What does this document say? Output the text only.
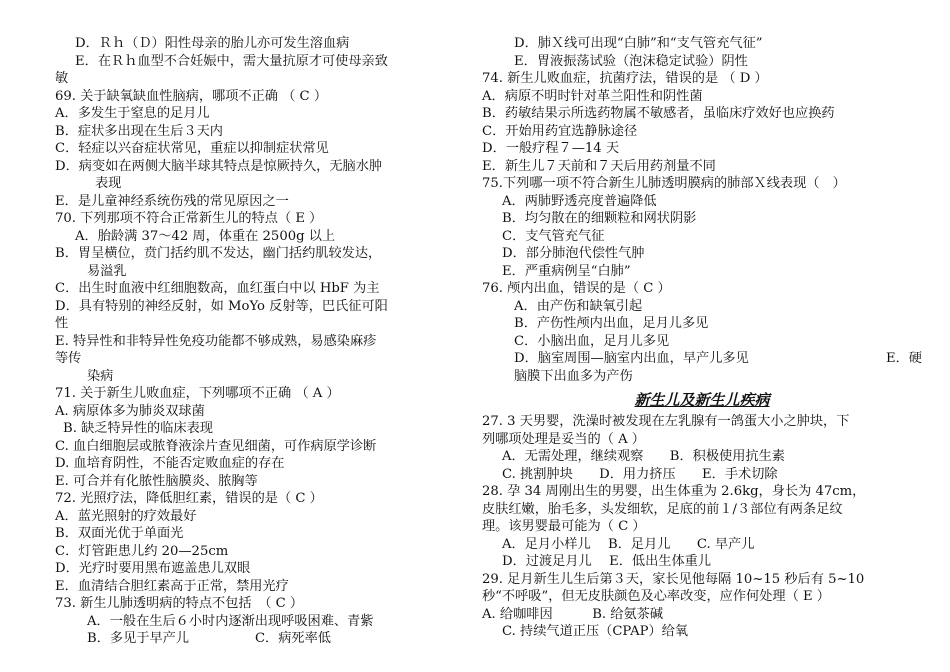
D．Ｒｈ（Ｄ）阳性母亲的胎儿亦可发生溶血病
E．在Ｒｈ血型不合妊娠中，需大量抗原才可使母亲致
敏
69. 关于缺氧缺血性脑病，哪项不正确 （ C ）
A．多发生于窒息的足月儿
B．症状多出现在生后３天内
C．轻症以兴奋症状常见，重症以抑制症状常见
D．病变如在两侧大脑半球其特点是惊厥持久，无脑水肿
表现
E．是儿童神经系统伤残的常见原因之一
70. 下列那项不符合正常新生儿的特点（ E ）
A．胎龄满 37～42 周，体重在 2500g 以上
B．胃呈横位，贲门括约肌不发达，幽门括约肌较发达，
易溢乳
C．出生时血液中红细胞数高，血红蛋白中以 HbF 为主
D．具有特别的神经反射，如 MoYo 反射等，巴氏征可阳
性
E. 特异性和非特异性免疫功能都不够成熟，易感染麻疹
等传
染病
71. 关于新生儿败血症，下列哪项不正确 （ A ）
A. 病原体多为肺炎双球菌
B. 缺乏特异性的临床表现
C. 血白细胞层或脓脊液涂片查见细菌，可作病原学诊断
D. 血培育阴性，不能否定败血症的存在
E. 可合并有化脓性脑膜炎、脓胸等
72. 光照疗法，降低胆红素，错误的是（ C ）
A．蓝光照射的疗效最好
B．双面光优于单面光
C．灯管距患儿约 20—25cm
D．光疗时要用黑布遮盖患儿双眼
E．血清结合胆红素高于正常，禁用光疗
73. 新生儿肺透明病的特点不包括　（ C ）
A．一般在生后６小时内逐渐出现呼吸困难、青紫
B．多见于早产儿　　　　　C．病死率低
D．肺Ｘ线可出现“白肺”和“支气管充气征”
E．胃液振荡试验（泡沫稳定试验）阴性
74. 新生儿败血症，抗菌疗法，错误的是 （ D ）
A．病原不明时针对革兰阳性和阴性菌
B．药敏结果示所选药物属不敏感者，虽临床疗效好也应换药
C．开始用药宜选静脉途径
D．一般疗程７—14 天
E．新生儿７天前和７天后用药剂量不同
75.下列哪一项不符合新生儿肺透明膜病的肺部Ｘ线表现（　）
A．两肺野透亮度普遍降低
B．均匀散在的细颗粒和网状阴影
C．支气管充气征
D．部分肺泡代偿性气肿
E．严重病例呈“白肺”
76. 颅内出血，错误的是（ C ）
A．由产伤和缺氧引起
B．产伤性颅内出血，足月儿多见
C．小脑出血，足月儿多见
D．脑室周围—脑室内出血，早产儿多见	E．硬
脑膜下出血多为产伤
新生儿及新生儿疾病
27. 3 天男婴，洗澡时被发现在左乳腺有一鸽蛋大小之肿块，下
列哪项处理是妥当的（ A ）
A．无需处理，继续观察　　B．积极使用抗生素
C. 挑割肿块　　D．用力挤压　　E．手术切除
28. 孕 34 周刚出生的男婴，出生体重为 2.6kg，身长为 47cm，
皮肤红嫩，胎毛多，头发细软，足底的前１/３部位有两条足纹
理。该男婴最可能为（ C ）
A．足月小样儿　 B．足月儿　　C. 早产儿
D．过渡足月儿　 E．低出生体重儿
29. 足月新生儿生后第３天，家长见他每隔 10~15 秒后有 5~10
秒“不呼吸”，但无皮肤颜色及心率改变，应作何处理（ E ）
A. 给咖啡因　　　B. 给氨茶碱
C. 持续气道正压（CPAP）给氧
